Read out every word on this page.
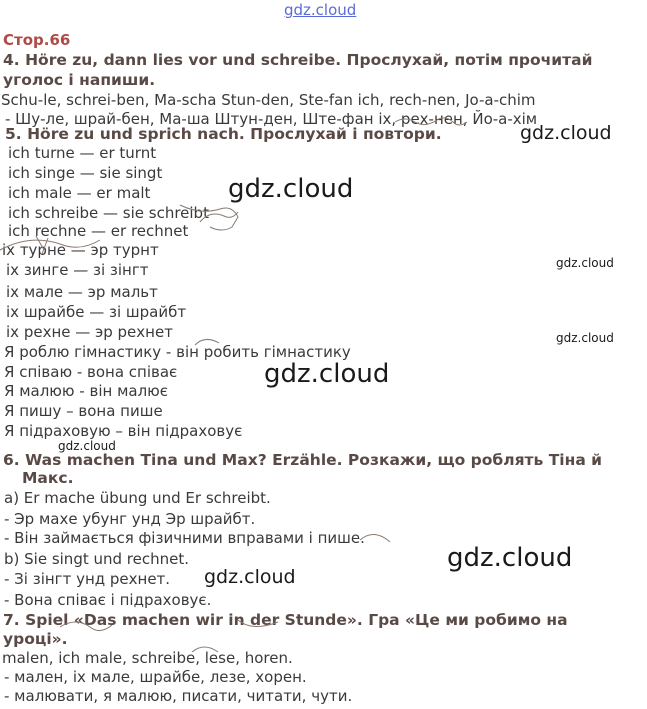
gdz.cloud
gdz.cloud
gdz.cloud
gdz.cloud
gdz.cloud
gdz.cloud
gdz.cloud
gdz.cloud
gdz.cloud
Стор.66
4. Höre zu, dann lies vor und schreibe. Прослухай, потім прочитай
уголос і напиши.
Schu-le, schrei-ben, Ma-scha Stun-den, Ste-fan ich, rech-nen, Jo-a-chim
- Шу-ле, шрай-бен, Ма-ша Штун-ден, Ште-фан іх, рех-нен, Йо-а-хім
5. Höre zu und sprich nach. Прослухай і повтори.
ich turne — er turnt
ich singe — sie singt
ich male — er malt
ich schreibe — sie schreibt
ich rechne — er rechnet
іх турне — эр турнт
іх зинге — зі зінгт
іх мале — эр мальт
іх шрайбе — зі шрайбт
іх рехне — эр рехнет
Я роблю гімнастику - він робить гімнастику
Я співаю - вона співає
Я малюю - він малює
Я пишу – вона пише
Я підраховую – він підраховує
6. Was machen Tina und Max? Erzähle. Розкажи, що роблять Тіна й
Макс.
a) Er mache übung und Er schreibt.
- Эр махе убунг унд Эр шрайбт.
- Він займається фізичними вправами і пише.
b) Sie singt und rechnet.
- Зі зінгт унд рехнет.
- Вона співає і підраховує.
7. Spiel «Das machen wir in der Stunde». Гра «Це ми робимо на
уроці».
malen, ich male, schreibe, lese, horen.
- мален, іх мале, шрайбе, лезе, хорен.
- малювати, я малюю, писати, читати, чути.
